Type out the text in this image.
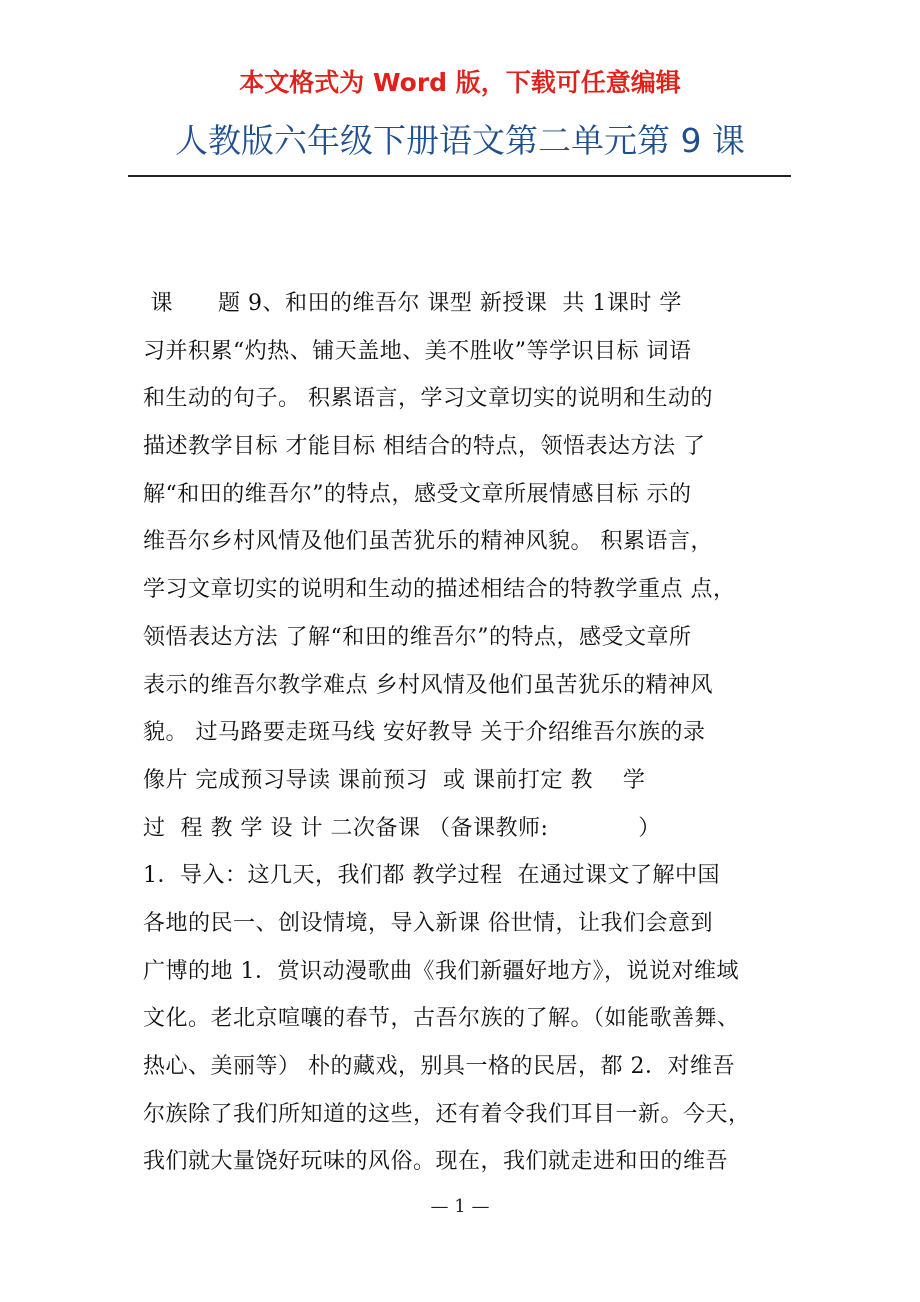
本文格式为 Word 版，下载可任意编辑
人教版六年级下册语文第二单元第 9 课
课      题 9、和田的维吾尔 课型 新授课  共 1课时 学
习并积累“灼热、铺天盖地、美不胜收”等学识目标 词语
和生动的句子。 积累语言，学习文章切实的说明和生动的
描述教学目标 才能目标 相结合的特点，领悟表达方法 了
解“和田的维吾尔”的特点，感受文章所展情感目标 示的
维吾尔乡村风情及他们虽苦犹乐的精神风貌。 积累语言，
学习文章切实的说明和生动的描述相结合的特教学重点 点，
领悟表达方法 了解“和田的维吾尔”的特点，感受文章所
表示的维吾尔教学难点 乡村风情及他们虽苦犹乐的精神风
貌。 过马路要走斑马线 安好教导 关于介绍维吾尔族的录
像片 完成预习导读 课前预习  或 课前打定 教    学
过  程 教 学 设 计 二次备课 （备课教师:            ）
1．导入：这几天，我们都 教学过程  在通过课文了解中国
各地的民一、创设情境，导入新课 俗世情，让我们会意到
广博的地 1．赏识动漫歌曲《我们新疆好地方》，说说对维域
文化。老北京喧嚷的春节，古吾尔族的了解。（如能歌善舞、
热心、美丽等） 朴的藏戏，别具一格的民居，都 2．对维吾
尔族除了我们所知道的这些，还有着令我们耳目一新。今天，
我们就大量饶好玩味的风俗。现在，我们就走进和田的维吾
— 1 —
